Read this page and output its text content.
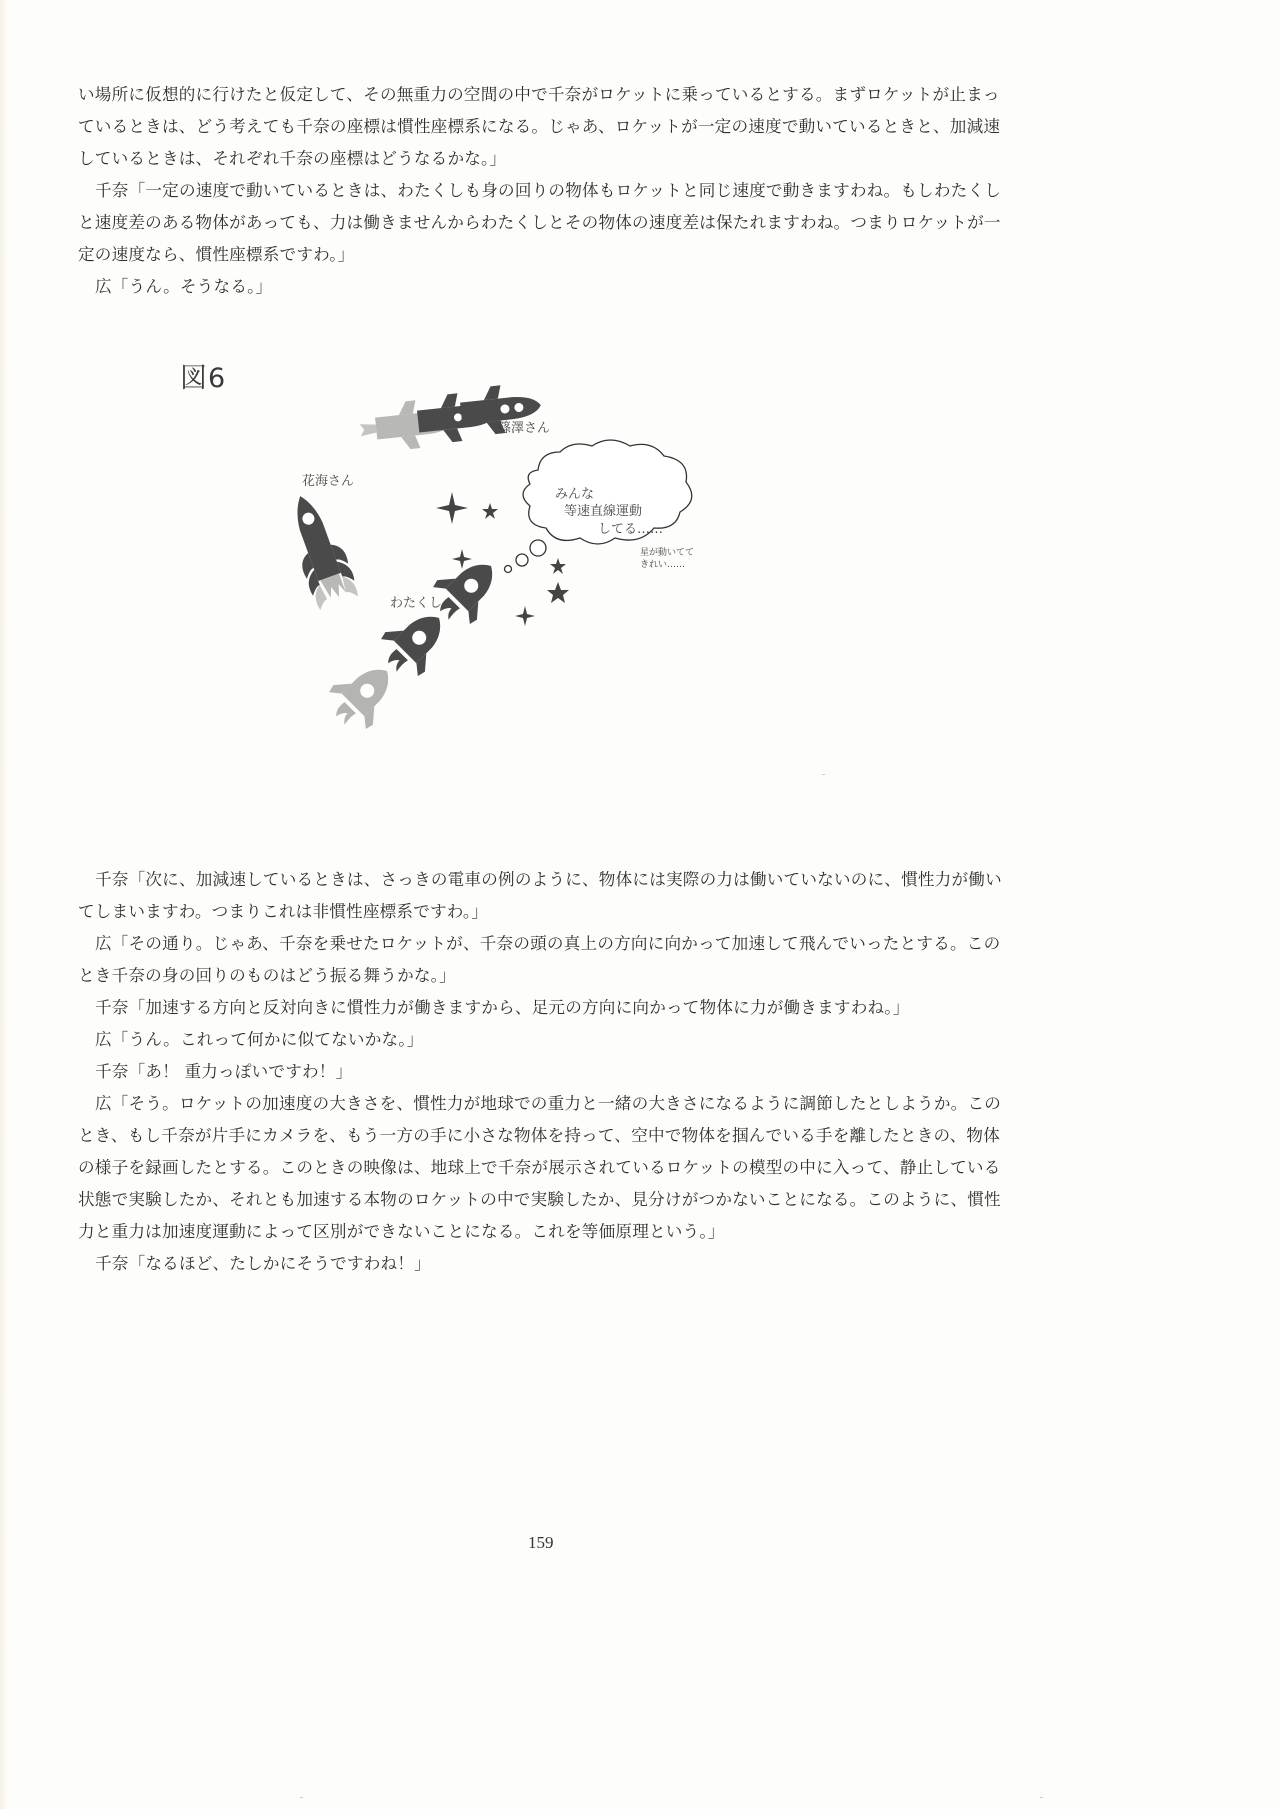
い場所に仮想的に行けたと仮定して、その無重力の空間の中で千奈がロケットに乗っているとする。まずロケットが止まっ
ているときは、どう考えても千奈の座標は慣性座標系になる。じゃあ、ロケットが一定の速度で動いているときと、加減速
しているときは、それぞれ千奈の座標はどうなるかな。」
千奈「一定の速度で動いているときは、わたくしも身の回りの物体もロケットと同じ速度で動きますわね。もしわたくし
と速度差のある物体があっても、力は働きませんからわたくしとその物体の速度差は保たれますわね。つまりロケットが一
定の速度なら、慣性座標系ですわ。」
広「うん。そうなる。」
図6
篠澤さん
花海さん
わたくし
みんな
等速直線運動
してる……
星が動いてて
きれい……
千奈「次に、加減速しているときは、さっきの電車の例のように、物体には実際の力は働いていないのに、慣性力が働い
てしまいますわ。つまりこれは非慣性座標系ですわ。」
広「その通り。じゃあ、千奈を乗せたロケットが、千奈の頭の真上の方向に向かって加速して飛んでいったとする。この
とき千奈の身の回りのものはどう振る舞うかな。」
千奈「加速する方向と反対向きに慣性力が働きますから、足元の方向に向かって物体に力が働きますわね。」
広「うん。これって何かに似てないかな。」
千奈「あ！ 重力っぽいですわ！」
広「そう。ロケットの加速度の大きさを、慣性力が地球での重力と一緒の大きさになるように調節したとしようか。この
とき、もし千奈が片手にカメラを、もう一方の手に小さな物体を持って、空中で物体を掴んでいる手を離したときの、物体
の様子を録画したとする。このときの映像は、地球上で千奈が展示されているロケットの模型の中に入って、静止している
状態で実験したか、それとも加速する本物のロケットの中で実験したか、見分けがつかないことになる。このように、慣性
力と重力は加速度運動によって区別ができないことになる。これを等価原理という。」
千奈「なるほど、たしかにそうですわね！」
159
